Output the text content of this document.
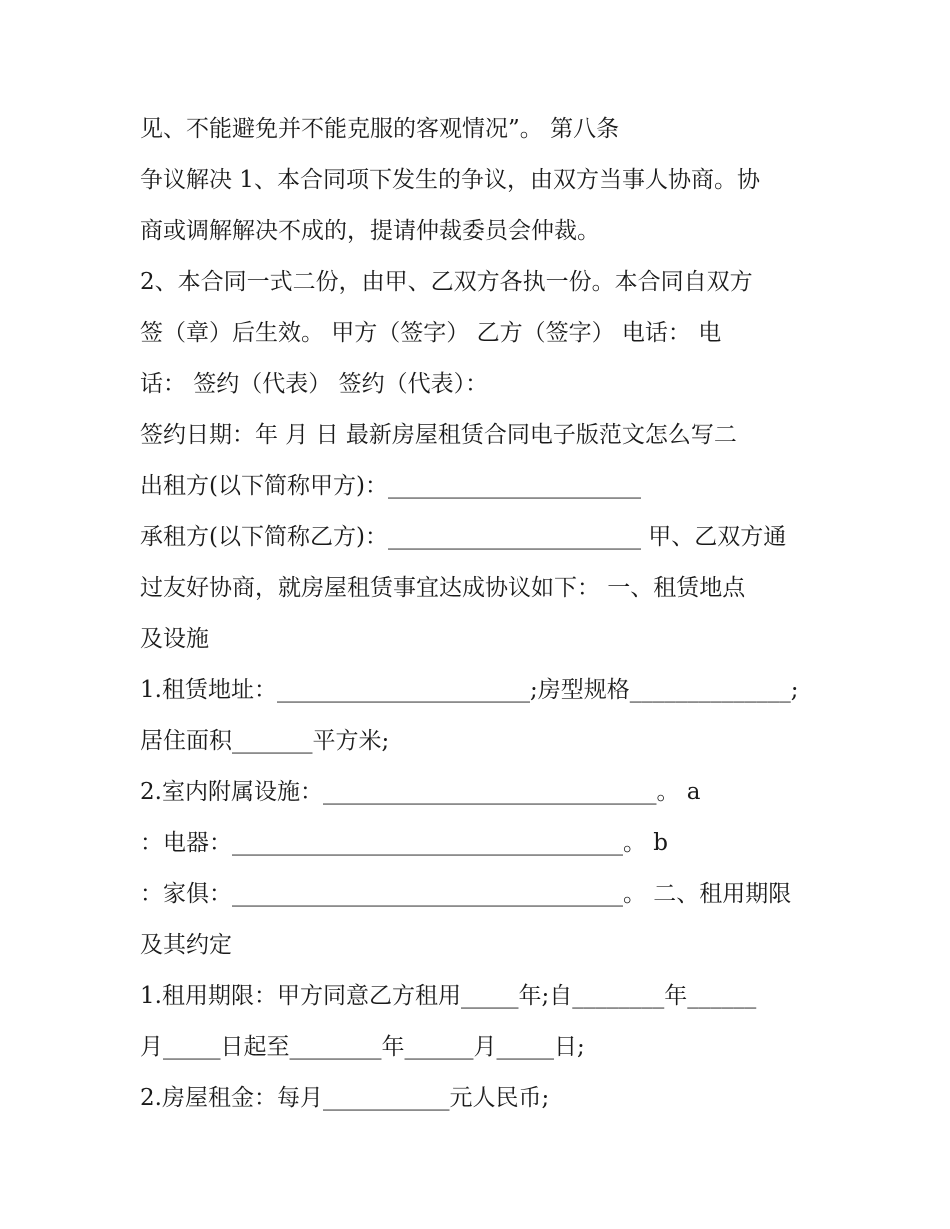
见、不能避免并不能克服的客观情况”。 第八条
争议解决 1、本合同项下发生的争议，由双方当事人协商。协
商或调解解决不成的，提请仲裁委员会仲裁。
2、本合同一式二份，由甲、乙双方各执一份。本合同自双方
签（章）后生效。 甲方（签字） 乙方（签字） 电话： 电
话： 签约（代表） 签约（代表）：
签约日期：年 月 日 最新房屋租赁合同电子版范文怎么写二
出租方(以下简称甲方)：______________________
承租方(以下简称乙方)：______________________ 甲、乙双方通
过友好协商，就房屋租赁事宜达成协议如下： 一、租赁地点
及设施
1.租赁地址：______________________;房型规格______________;
居住面积_______平方米;
2.室内附属设施：_____________________________。 a
：电器：__________________________________。 b
：家俱：__________________________________。 二、租用期限
及其约定
1.租用期限：甲方同意乙方租用_____年;自________年______
月_____日起至________年______月_____日;
2.房屋租金：每月___________元人民币;
